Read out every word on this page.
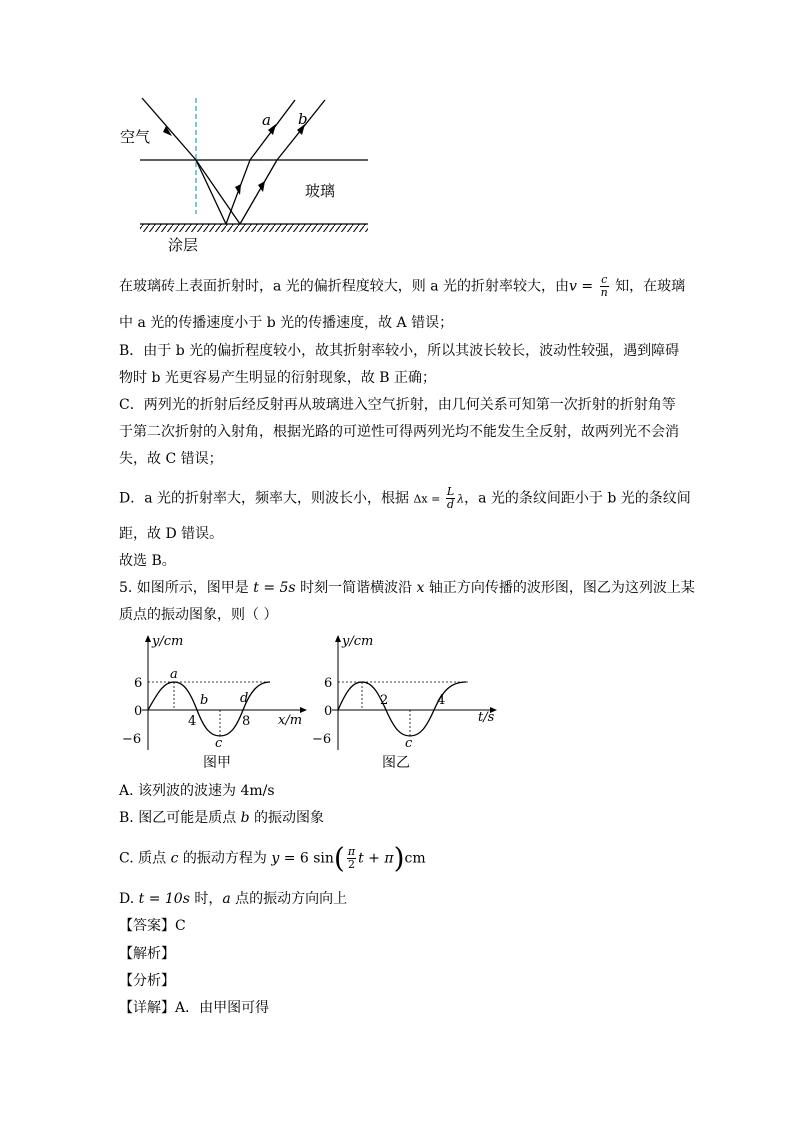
空气
玻璃
涂层
a b
在玻璃砖上表面折射时，a 光的偏折程度较大，则 a 光的折射率较大，由$v = \frac{c}{n}$ 知，在玻璃
中 a 光的传播速度小于 b 光的传播速度，故 A 错误；
B．由于 b 光的偏折程度较小，故其折射率较小，所以其波长较长，波动性较强，遇到障碍
物时 b 光更容易产生明显的衍射现象，故 B 正确；
C．两列光的折射后经反射再从玻璃进入空气折射，由几何关系可知第一次折射的折射角等
于第二次折射的入射角，根据光路的可逆性可得两列光均不能发生全反射，故两列光不会消
失，故 C 错误；
D．a 光的折射率大，频率大，则波长小，根据 $\Delta x = \frac{L}{d}$ λ，a 光的条纹间距小于 b 光的条纹间
距，故 D 错误。
故选 B。
5. 如图所示，图甲是 t = 5s 时刻一简谐横波沿 x 轴正方向传播的波形图，图乙为这列波上某
质点的振动图象，则（ ）
y/cm
x/m
6
0
−6
4	8
a
b
c
d
图甲
y/cm
t/s
6
0
−6
2	4
c
图乙
A. 该列波的波速为 4m/s
B. 图乙可能是质点 b 的振动图象
C. 质点 c 的振动方程为 y = 6 $\sin( \frac{\pi}{2}$ t + π)cm
D. t = 10s 时，a 点的振动方向向上
【答案】C
【解析】
【分析】
【详解】A．由甲图可得
